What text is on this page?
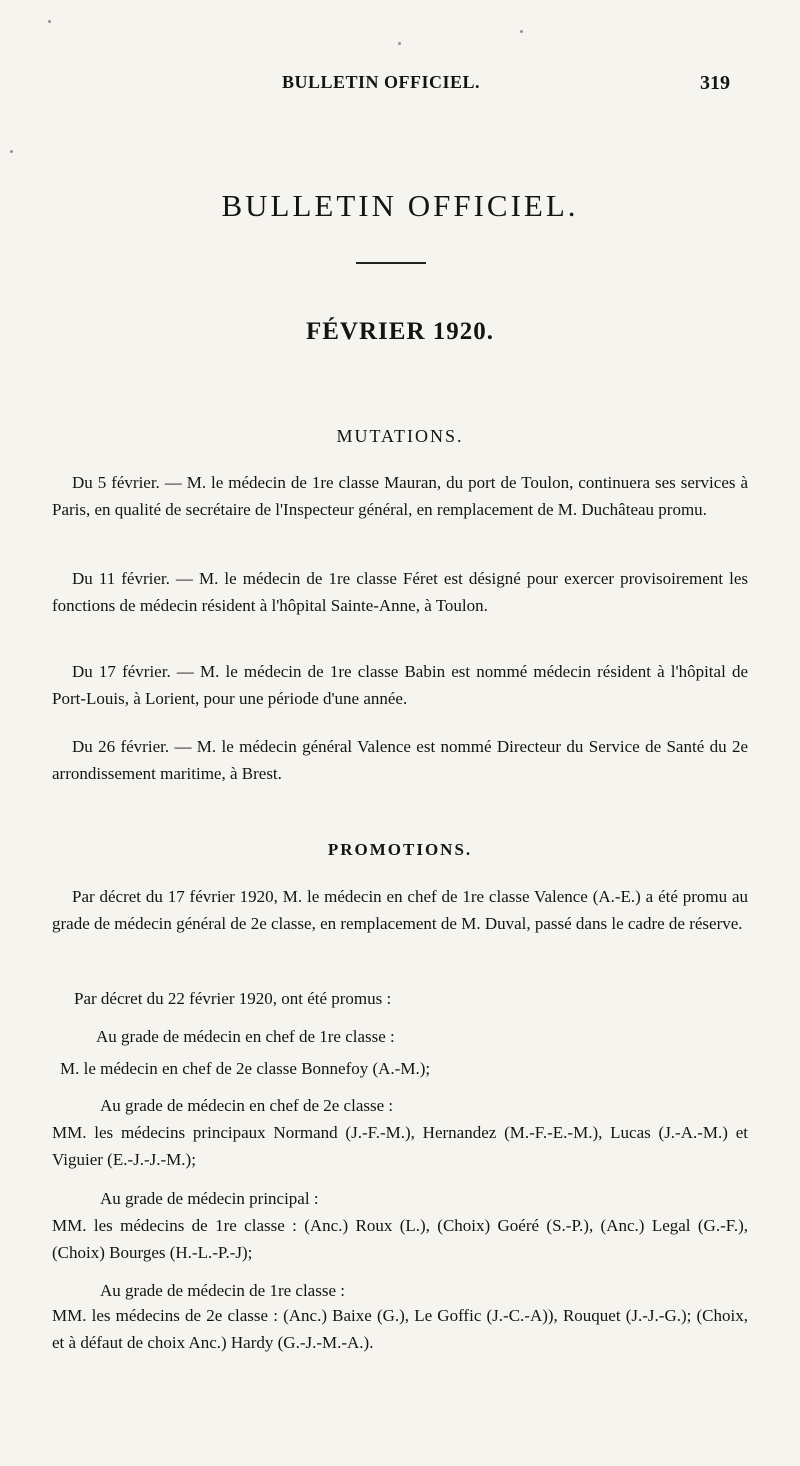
BULLETIN OFFICIEL.	319
BULLETIN OFFICIEL.
FÉVRIER 1920.
MUTATIONS.

Du 5 février. — M. le médecin de 1re classe Mauran, du port de Toulon, continuera ses services à Paris, en qualité de secrétaire de l'Inspecteur général, en remplacement de M. Duchâteau promu.

Du 11 février. — M. le médecin de 1re classe Féret est désigné pour exercer provisoirement les fonctions de médecin résident à l'hôpital Sainte-Anne, à Toulon.

Du 17 février. — M. le médecin de 1re classe Babin est nommé médecin résident à l'hôpital de Port-Louis, à Lorient, pour une période d'une année.

Du 26 février. — M. le médecin général Valence est nommé Directeur du Service de Santé du 2e arrondissement maritime, à Brest.

PROMOTIONS.

Par décret du 17 février 1920, M. le médecin en chef de 1re classe Valence (A.-E.) a été promu au grade de médecin général de 2e classe, en remplacement de M. Duval, passé dans le cadre de réserve.

Par décret du 22 février 1920, ont été promus :

Au grade de médecin en chef de 1re classe :

M. le médecin en chef de 2e classe Bonnefoy (A.-M.);

Au grade de médecin en chef de 2e classe :

MM. les médecins principaux Normand (J.-F.-M.), Hernandez (M.-F.-E.-M.), Lucas (J.-A.-M.) et Viguier (E.-J.-J.-M.);

Au grade de médecin principal :

MM. les médecins de 1re classe : (Anc.) Roux (L.), (Choix) Goéré (S.-P.), (Anc.) Legal (G.-F.), (Choix) Bourges (H.-L.-P.-J);

Au grade de médecin de 1re classe :

MM. les médecins de 2e classe : (Anc.) Baixe (G.), Le Goffic (J.-C.-A)), Rouquet (J.-J.-G.); (Choix, et à défaut de choix Anc.) Hardy (G.-J.-M.-A.).
